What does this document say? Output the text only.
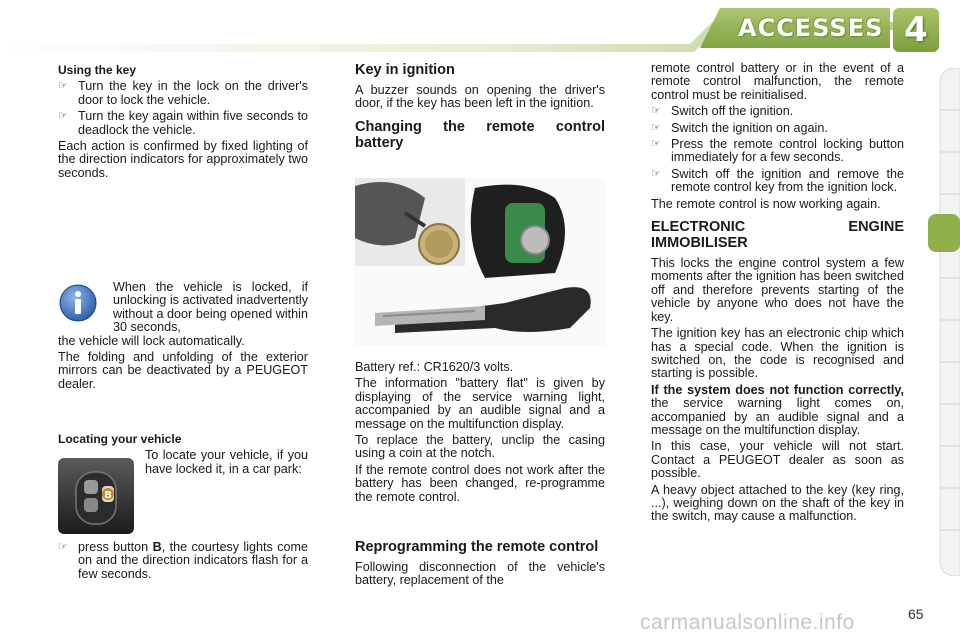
ACCESSES 4
Using the key
☞ Turn the key in the lock on the driver's door to lock the vehicle.
☞ Turn the key again within five seconds to deadlock the vehicle.

Each action is confirmed by fixed lighting of the direction indicators for approximately two seconds.

When the vehicle is locked, if unlocking is activated inadvertently without a door being opened within 30 seconds,

the vehicle will lock automatically.

The folding and unfolding of the exterior mirrors can be deactivated by a PEUGEOT dealer.

Locating your vehicle

To locate your vehicle, if you have locked it, in a car park:

B
☞ press button B, the courtesy lights come on and the direction indicators flash for a few seconds.
Key in ignition

A buzzer sounds on opening the driver's door, if the key has been left in the ignition.

Changing the remote control battery

Battery ref.: CR1620/3 volts.

The information "battery flat" is given by displaying of the service warning light, accompanied by an audible signal and a message on the multifunction display.

To replace the battery, unclip the casing using a coin at the notch.

If the remote control does not work after the battery has been changed, re-programme the remote control.

Reprogramming the remote control

Following disconnection of the vehicle's battery, replacement of the

remote control battery or in the event of a remote control malfunction, the remote control must be reinitialised.

☞ Switch off the ignition.
☞ Switch the ignition on again.
☞ Press the remote control locking button immediately for a few seconds.
☞ Switch off the ignition and remove the remote control key from the ignition lock.

The remote control is now working again.

ELECTRONIC ENGINE IMMOBILISER

This locks the engine control system a few moments after the ignition has been switched off and therefore prevents starting of the vehicle by anyone who does not have the key.

The ignition key has an electronic chip which has a special code. When the ignition is switched on, the code is recognised and starting is possible.

If the system does not function correctly, the service warning light comes on, accompanied by an audible signal and a message on the multifunction display.

In this case, your vehicle will not start. Contact a PEUGEOT dealer as soon as possible.

A heavy object attached to the key (key ring, ...), weighing down on the shaft of the key in the switch, may cause a malfunction.

carmanualsonline.info	65
